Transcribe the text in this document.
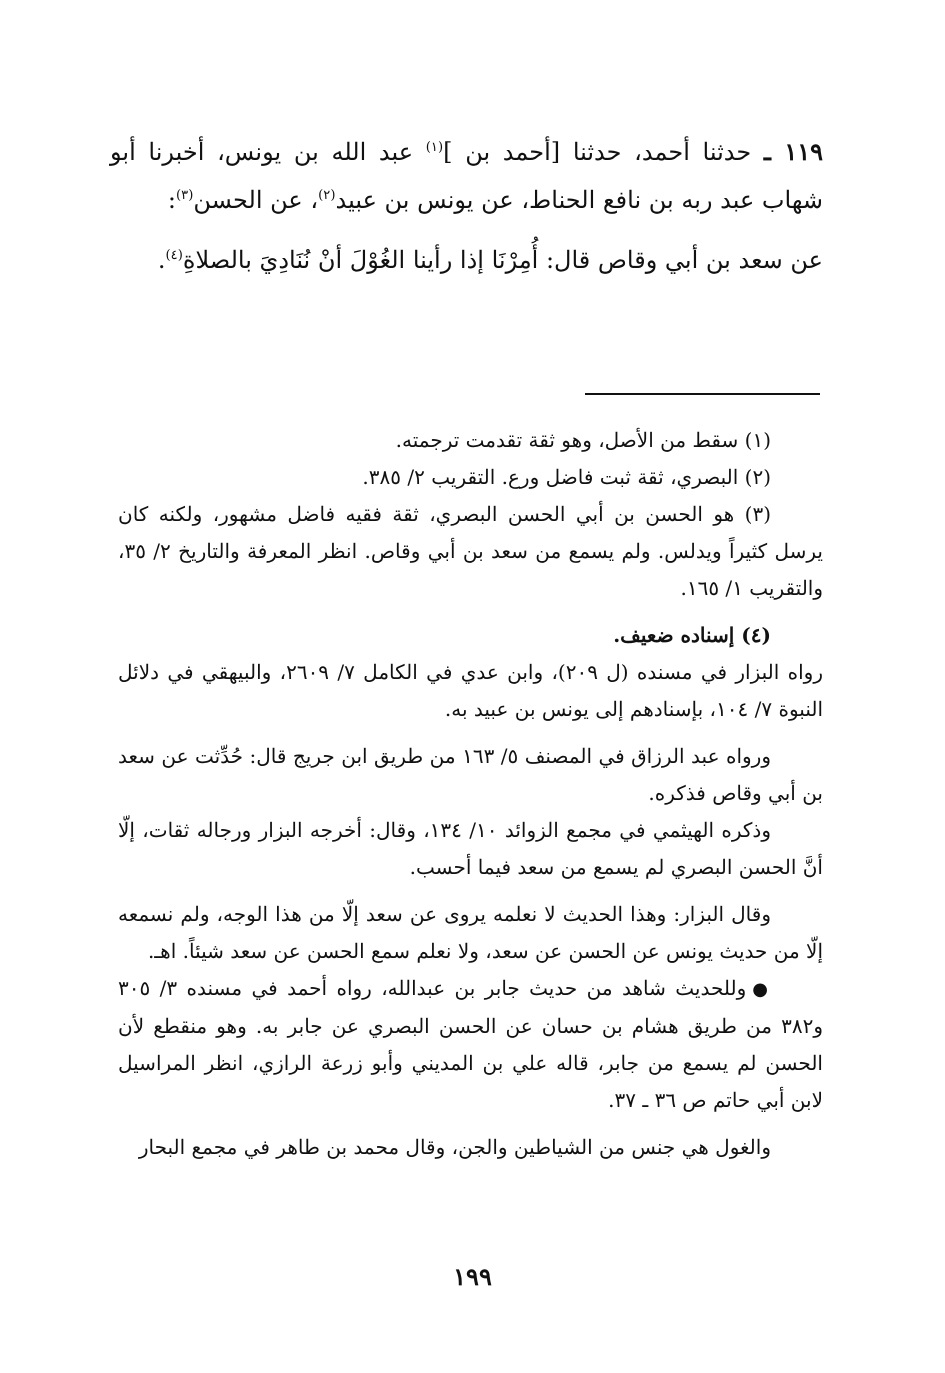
١١٩ ـ حدثنا أحمد، حدثنا [أحمد بن ]$^{(١)}$ عبد الله بن يونس، أخبرنا أبو شهاب عبد ربه بن نافع الحناط، عن يونس بن عبيد$^{(٢)}$، عن الحسن$^{(٣)}$:

عن سعد بن أبي وقاص قال: أُمِرْنَا إذا رأينا الغُوْلَ أنْ نُنَادِيَ بالصلاةِ$^{(٤)}$.

(١) سقط من الأصل، وهو ثقة تقدمت ترجمته.

(٢) البصري، ثقة ثبت فاضل ورع. التقريب ٢/ ٣٨٥.

(٣) هو الحسن بن أبي الحسن البصري، ثقة فقيه فاضل مشهور، ولكنه كان يرسل كثيراً ويدلس. ولم يسمع من سعد بن أبي وقاص. انظر المعرفة والتاريخ ٢/ ٣٥، والتقريب ١/ ١٦٥.

(٤) إسناده ضعيف.

رواه البزار في مسنده (ل ٢٠٩)، وابن عدي في الكامل ٧/ ٢٦٠٩، والبيهقي في دلائل النبوة ٧/ ١٠٤، بإسنادهم إلى يونس بن عبيد به.

ورواه عبد الرزاق في المصنف ٥/ ١٦٣ من طريق ابن جريج قال: حُدِّثت عن سعد بن أبي وقاص فذكره.

وذكره الهيثمي في مجمع الزوائد ١٠/ ١٣٤، وقال: أخرجه البزار ورجاله ثقات، إلّا أنَّ الحسن البصري لم يسمع من سعد فيما أحسب.

وقال البزار: وهذا الحديث لا نعلمه يروى عن سعد إلّا من هذا الوجه، ولم نسمعه إلّا من حديث يونس عن الحسن عن سعد، ولا نعلم سمع الحسن عن سعد شيئاً. اهـ.

●وللحديث شاهد من حديث جابر بن عبدالله، رواه أحمد في مسنده ٣/ ٣٠٥ و٣٨٢ من طريق هشام بن حسان عن الحسن البصري عن جابر به. وهو منقطع لأن الحسن لم يسمع من جابر، قاله علي بن المديني وأبو زرعة الرازي، انظر المراسيل لابن أبي حاتم ص ٣٦ ـ ٣٧.

والغول هي جنس من الشياطين والجن، وقال محمد بن طاهر في مجمع البحار

١٩٩
